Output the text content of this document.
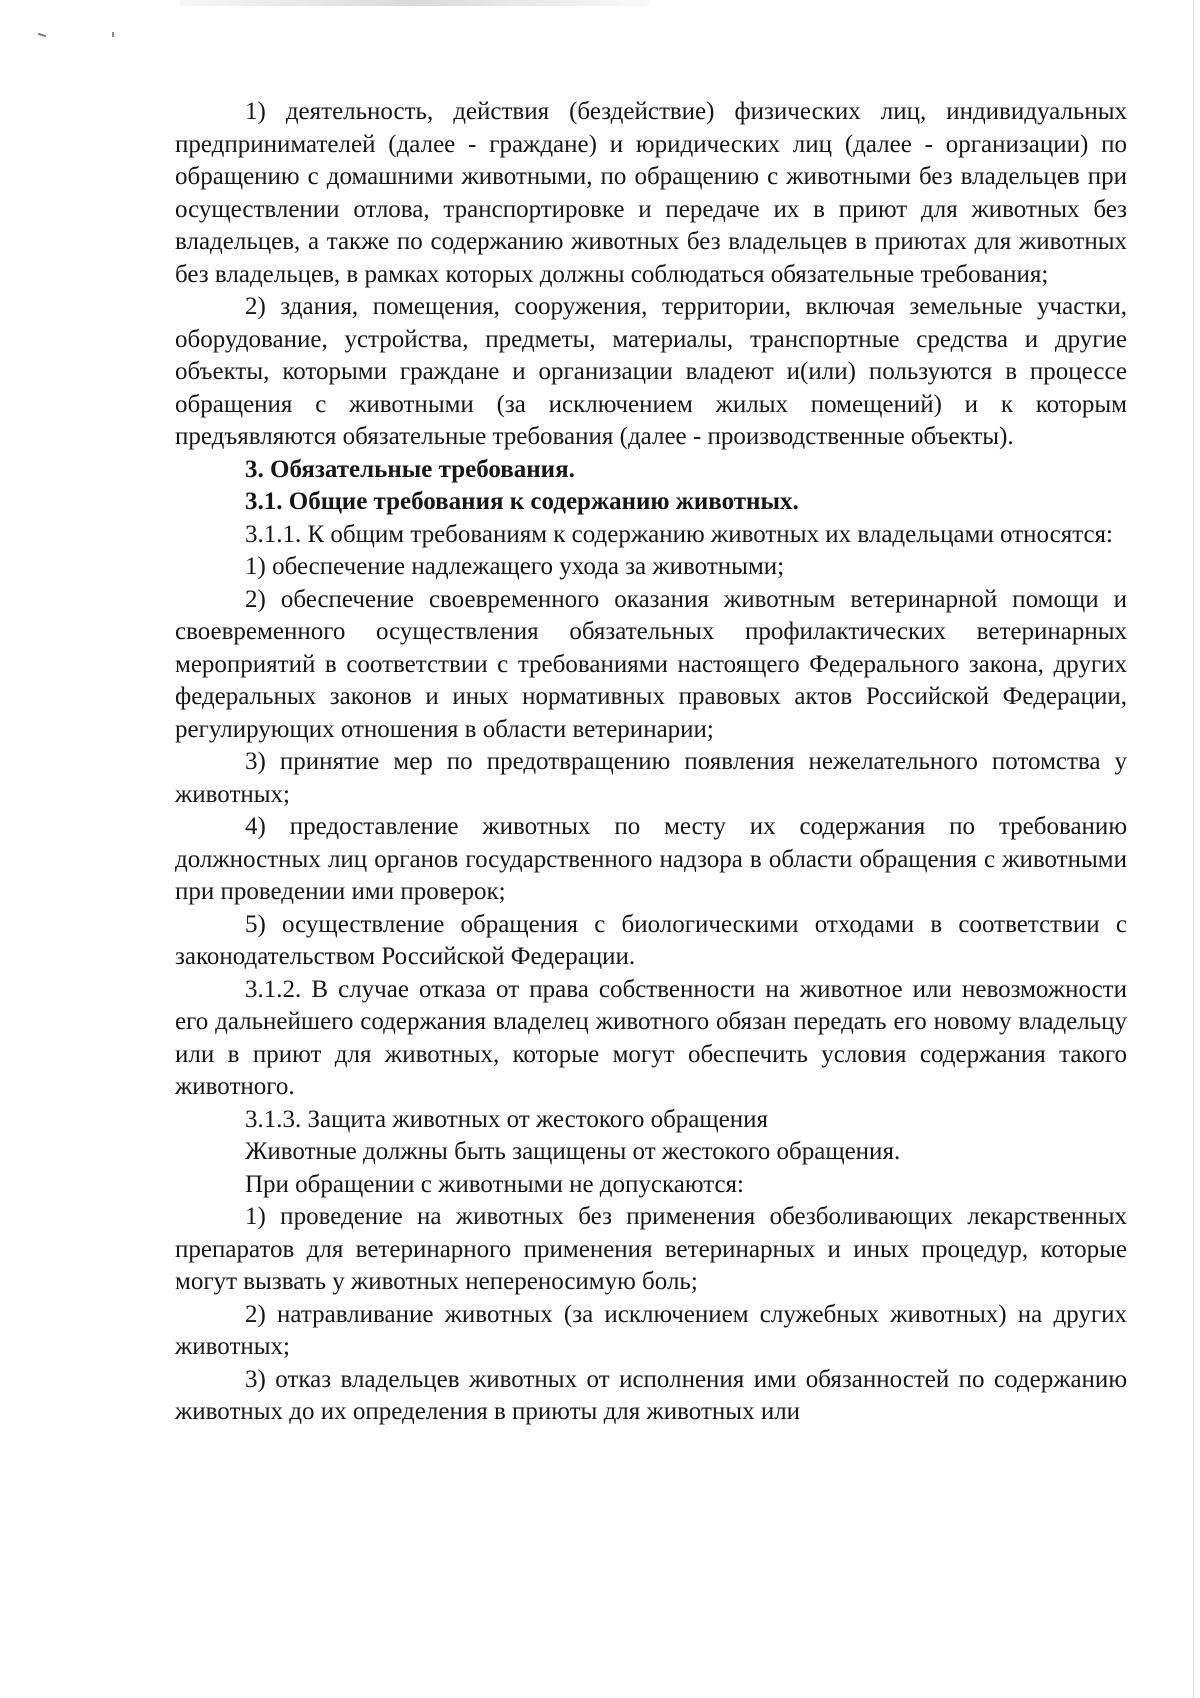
1) деятельность, действия (бездействие) физических лиц, индивидуальных предпринимателей (далее - граждане) и юридических лиц (далее - организации) по обращению с домашними животными, по обращению с животными без владельцев при осуществлении отлова, транспортировке и передаче их в приют для животных без владельцев, а также по содержанию животных без владельцев в приютах для животных без владельцев, в рамках которых должны соблюдаться обязательные требования;

2) здания, помещения, сооружения, территории, включая земельные участки, оборудование, устройства, предметы, материалы, транспортные средства и другие объекты, которыми граждане и организации владеют и(или) пользуются в процессе обращения с животными (за исключением жилых помещений) и к которым предъявляются обязательные требования (далее - производственные объекты).

3. Обязательные требования.

3.1. Общие требования к содержанию животных.

3.1.1. К общим требованиям к содержанию животных их владельцами относятся:

1) обеспечение надлежащего ухода за животными;

2) обеспечение своевременного оказания животным ветеринарной помощи и своевременного осуществления обязательных профилактических ветеринарных мероприятий в соответствии с требованиями настоящего Федерального закона, других федеральных законов и иных нормативных правовых актов Российской Федерации, регулирующих отношения в области ветеринарии;

3) принятие мер по предотвращению появления нежелательного потомства у животных;

4) предоставление животных по месту их содержания по требованию должностных лиц органов государственного надзора в области обращения с животными при проведении ими проверок;

5) осуществление обращения с биологическими отходами в соответствии с законодательством Российской Федерации.

3.1.2. В случае отказа от права собственности на животное или невозможности его дальнейшего содержания владелец животного обязан передать его новому владельцу или в приют для животных, которые могут обеспечить условия содержания такого животного.

3.1.3. Защита животных от жестокого обращения

Животные должны быть защищены от жестокого обращения.

При обращении с животными не допускаются:

1) проведение на животных без применения обезболивающих лекарственных препаратов для ветеринарного применения ветеринарных и иных процедур, которые могут вызвать у животных непереносимую боль;

2) натравливание животных (за исключением служебных животных) на других животных;

3) отказ владельцев животных от исполнения ими обязанностей по содержанию животных до их определения в приюты для животных или
